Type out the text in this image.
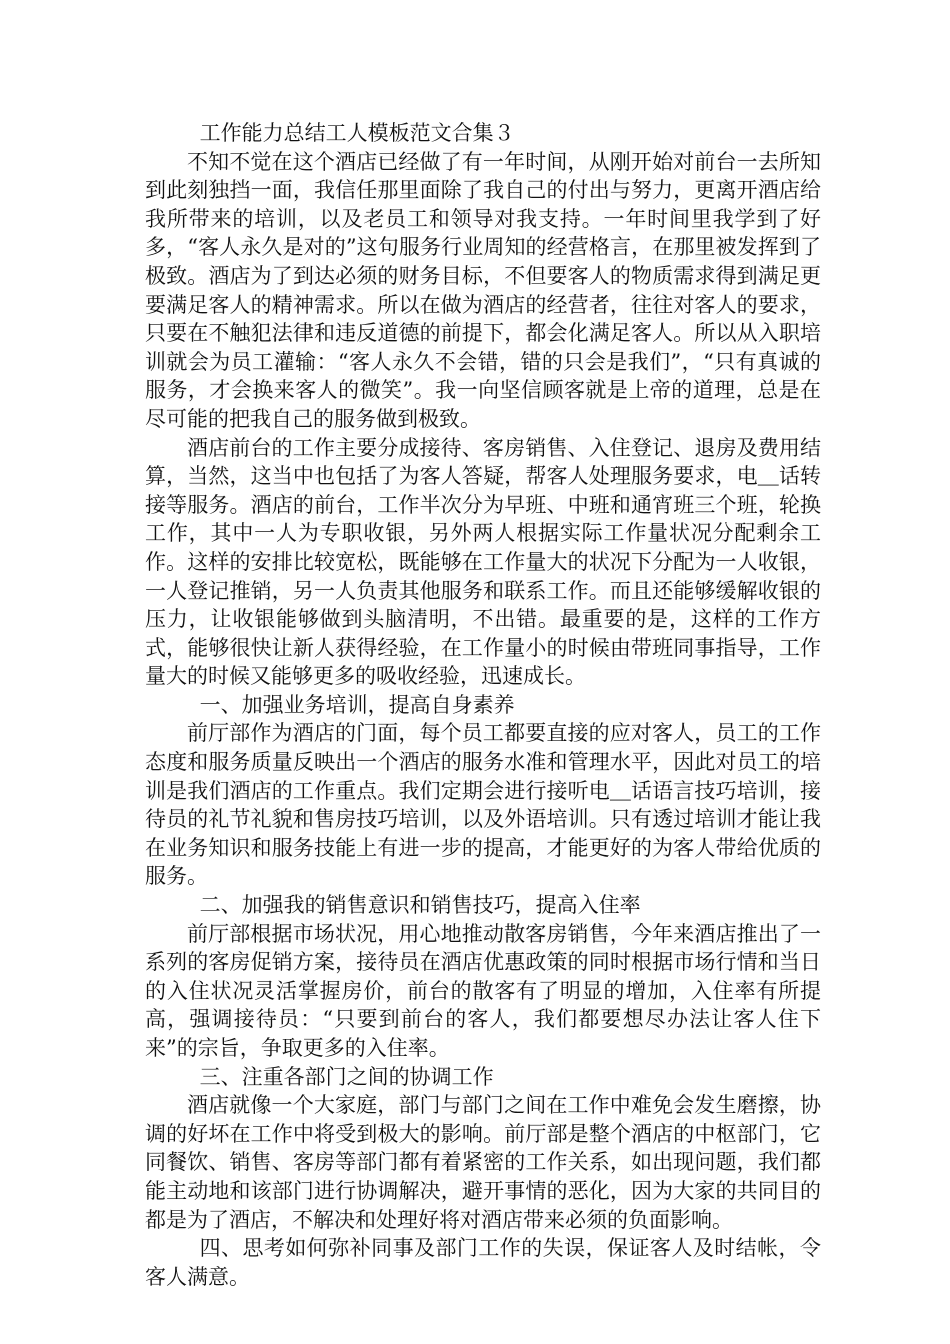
工作能力总结工人模板范文合集３

不知不觉在这个酒店已经做了有一年时间，从刚开始对前台一去所知到此刻独挡一面，我信任那里面除了我自己的付出与努力，更离开酒店给我所带来的培训，以及老员工和领导对我支持。一年时间里我学到了好多，“客人永久是对的”这句服务行业周知的经营格言，在那里被发挥到了极致。酒店为了到达必须的财务目标，不但要客人的物质需求得到满足更要满足客人的精神需求。所以在做为酒店的经营者，往往对客人的要求，只要在不触犯法律和违反道德的前提下，都会化满足客人。所以从入职培训就会为员工灌输：“客人永久不会错，错的只会是我们”，“只有真诚的服务，才会换来客人的微笑”。我一向坚信顾客就是上帝的道理，总是在尽可能的把我自己的服务做到极致。

酒店前台的工作主要分成接待、客房销售、入住登记、退房及费用结算，当然，这当中也包括了为客人答疑，帮客人处理服务要求，电＿话转接等服务。酒店的前台，工作半次分为早班、中班和通宵班三个班，轮换工作，其中一人为专职收银，另外两人根据实际工作量状况分配剩余工作。这样的安排比较宽松，既能够在工作量大的状况下分配为一人收银，一人登记推销，另一人负责其他服务和联系工作。而且还能够缓解收银的压力，让收银能够做到头脑清明，不出错。最重要的是，这样的工作方式，能够很快让新人获得经验，在工作量小的时候由带班同事指导，工作量大的时候又能够更多的吸收经验，迅速成长。

一、加强业务培训，提高自身素养

前厅部作为酒店的门面，每个员工都要直接的应对客人，员工的工作态度和服务质量反映出一个酒店的服务水准和管理水平，因此对员工的培训是我们酒店的工作重点。我们定期会进行接听电＿话语言技巧培训，接待员的礼节礼貌和售房技巧培训，以及外语培训。只有透过培训才能让我在业务知识和服务技能上有进一步的提高，才能更好的为客人带给优质的服务。

二、加强我的销售意识和销售技巧，提高入住率

前厅部根据市场状况，用心地推动散客房销售，今年来酒店推出了一系列的客房促销方案，接待员在酒店优惠政策的同时根据市场行情和当日的入住状况灵活掌握房价，前台的散客有了明显的增加，入住率有所提高，强调接待员：“只要到前台的客人，我们都要想尽办法让客人住下来”的宗旨，争取更多的入住率。

三、注重各部门之间的协调工作

酒店就像一个大家庭，部门与部门之间在工作中难免会发生磨擦，协调的好坏在工作中将受到极大的影响。前厅部是整个酒店的中枢部门，它同餐饮、销售、客房等部门都有着紧密的工作关系，如出现问题，我们都能主动地和该部门进行协调解决，避开事情的恶化，因为大家的共同目的都是为了酒店，不解决和处理好将对酒店带来必须的负面影响。

四、思考如何弥补同事及部门工作的失误，保证客人及时结帐，令客人满意。
